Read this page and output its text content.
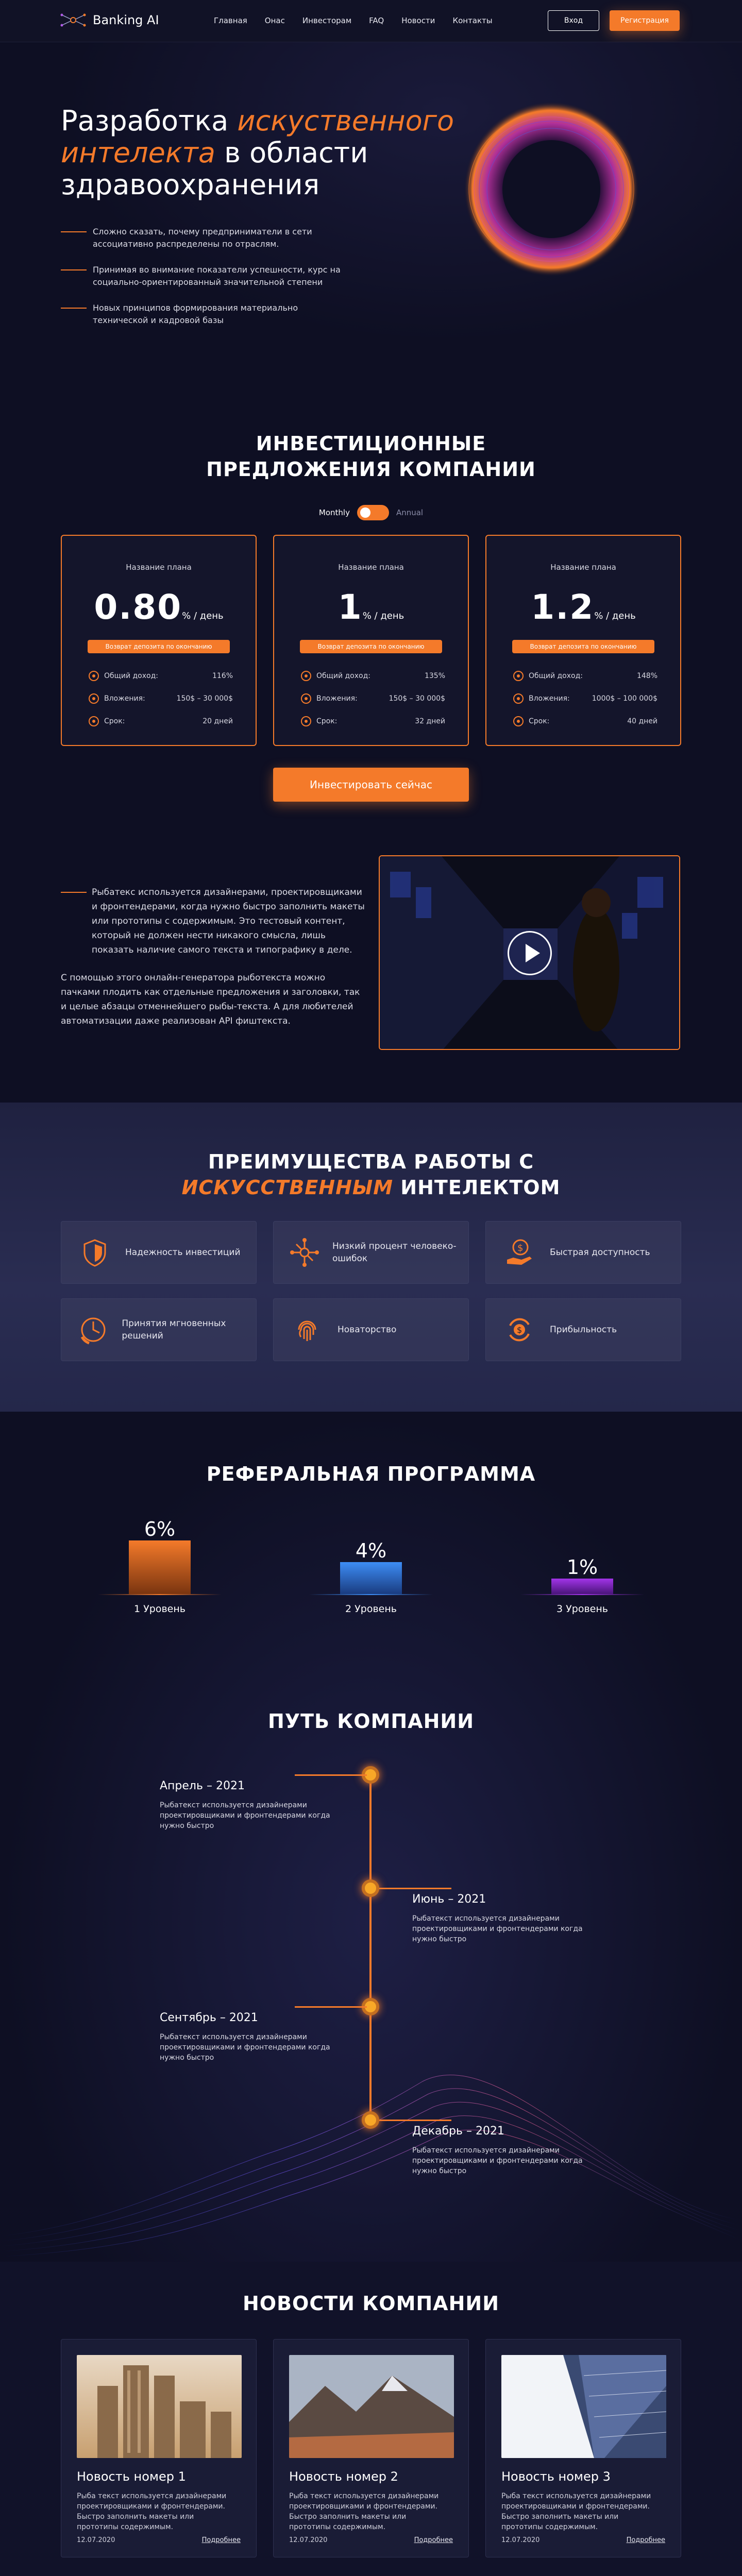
Banking AI	Главная Онас Инвесторам FAQ Новости Контакты	Вход	Регистрация
Разработка искуственного
интелекта в области
здравоохранения
Сложно сказать, почему предприниматели в сети ассоциативно распределены по отраслям.
Принимая во внимание показатели успешности, курс на социально-ориентированный значительной степени
Новых принципов формирования материально технической и кадровой базы
ИНВЕСТИЦИОННЫЕ
ПРЕДЛОЖЕНИЯ КОМПАНИИ
Monthly	Annual
Название плана
0.80% / день
Возврат депозита по окончанию
Общий доход:	116%
Вложения:	150$ – 30 000$
Срок:	20 дней
Название плана
1% / день
Возврат депозита по окончанию
Общий доход:	135%
Вложения:	150$ – 30 000$
Срок:	32 дней
Название плана
1.2% / день
Возврат депозита по окончанию
Общий доход:	148%
Вложения:	1000$ – 100 000$
Срок:	40 дней
Инвестировать сейчас

Рыбатекс используется дизайнерами, проектировщиками и фронтендерами, когда нужно быстро заполнить макеты или прототипы с содержимым. Это тестовый контент, который не должен нести никакого смысла, лишь показать наличие самого текста и типографику в деле.

С помощью этого онлайн-генератора рыботекста можно пачками плодить как отдельные предложения и заголовки, так и целые абзацы отменнейшего рыбы-текста. А для любителей автоматизации даже реализован API фиштекста.

ПРЕИМУЩЕСТВА РАБОТЫ С
ИСКУССТВЕННЫМ ИНТЕЛЕКТОМ
Надежность инвестиций
Низкий процент человеко-ошибок
$	Быстрая доступность
Принятия мгновенных решений
Новаторство	$	Прибыльность
РЕФЕРАЛЬНАЯ ПРОГРАММА
6%
1 Уровень
4%
2 Уровень
1%
3 Уровень
ПУТЬ КОМПАНИИ
Апрель – 2021
Рыбатекст используется дизайнерами проектировщиками и фронтендерами когда нужно быстро
Июнь – 2021
Рыбатекст используется дизайнерами проектировщиками и фронтендерами когда нужно быстро
Сентябрь – 2021
Рыбатекст используется дизайнерами проектировщиками и фронтендерами когда нужно быстро
Декабрь – 2021
Рыбатекст используется дизайнерами проектировщиками и фронтендерами когда нужно быстро
НОВОСТИ КОМПАНИИ
Новость номер 1
Рыба текст используется дизайнерами проектировщиками и фронтендерами. Быстро заполнить макеты или прототипы содержимым.
12.07.2020	Подробнее
Новость номер 2
Рыба текст используется дизайнерами проектировщиками и фронтендерами. Быстро заполнить макеты или прототипы содержимым.
12.07.2020	Подробнее
Новость номер 3
Рыба текст используется дизайнерами проектировщиками и фронтендерами. Быстро заполнить макеты или прототипы содержимым.
12.07.2020	Подробнее
